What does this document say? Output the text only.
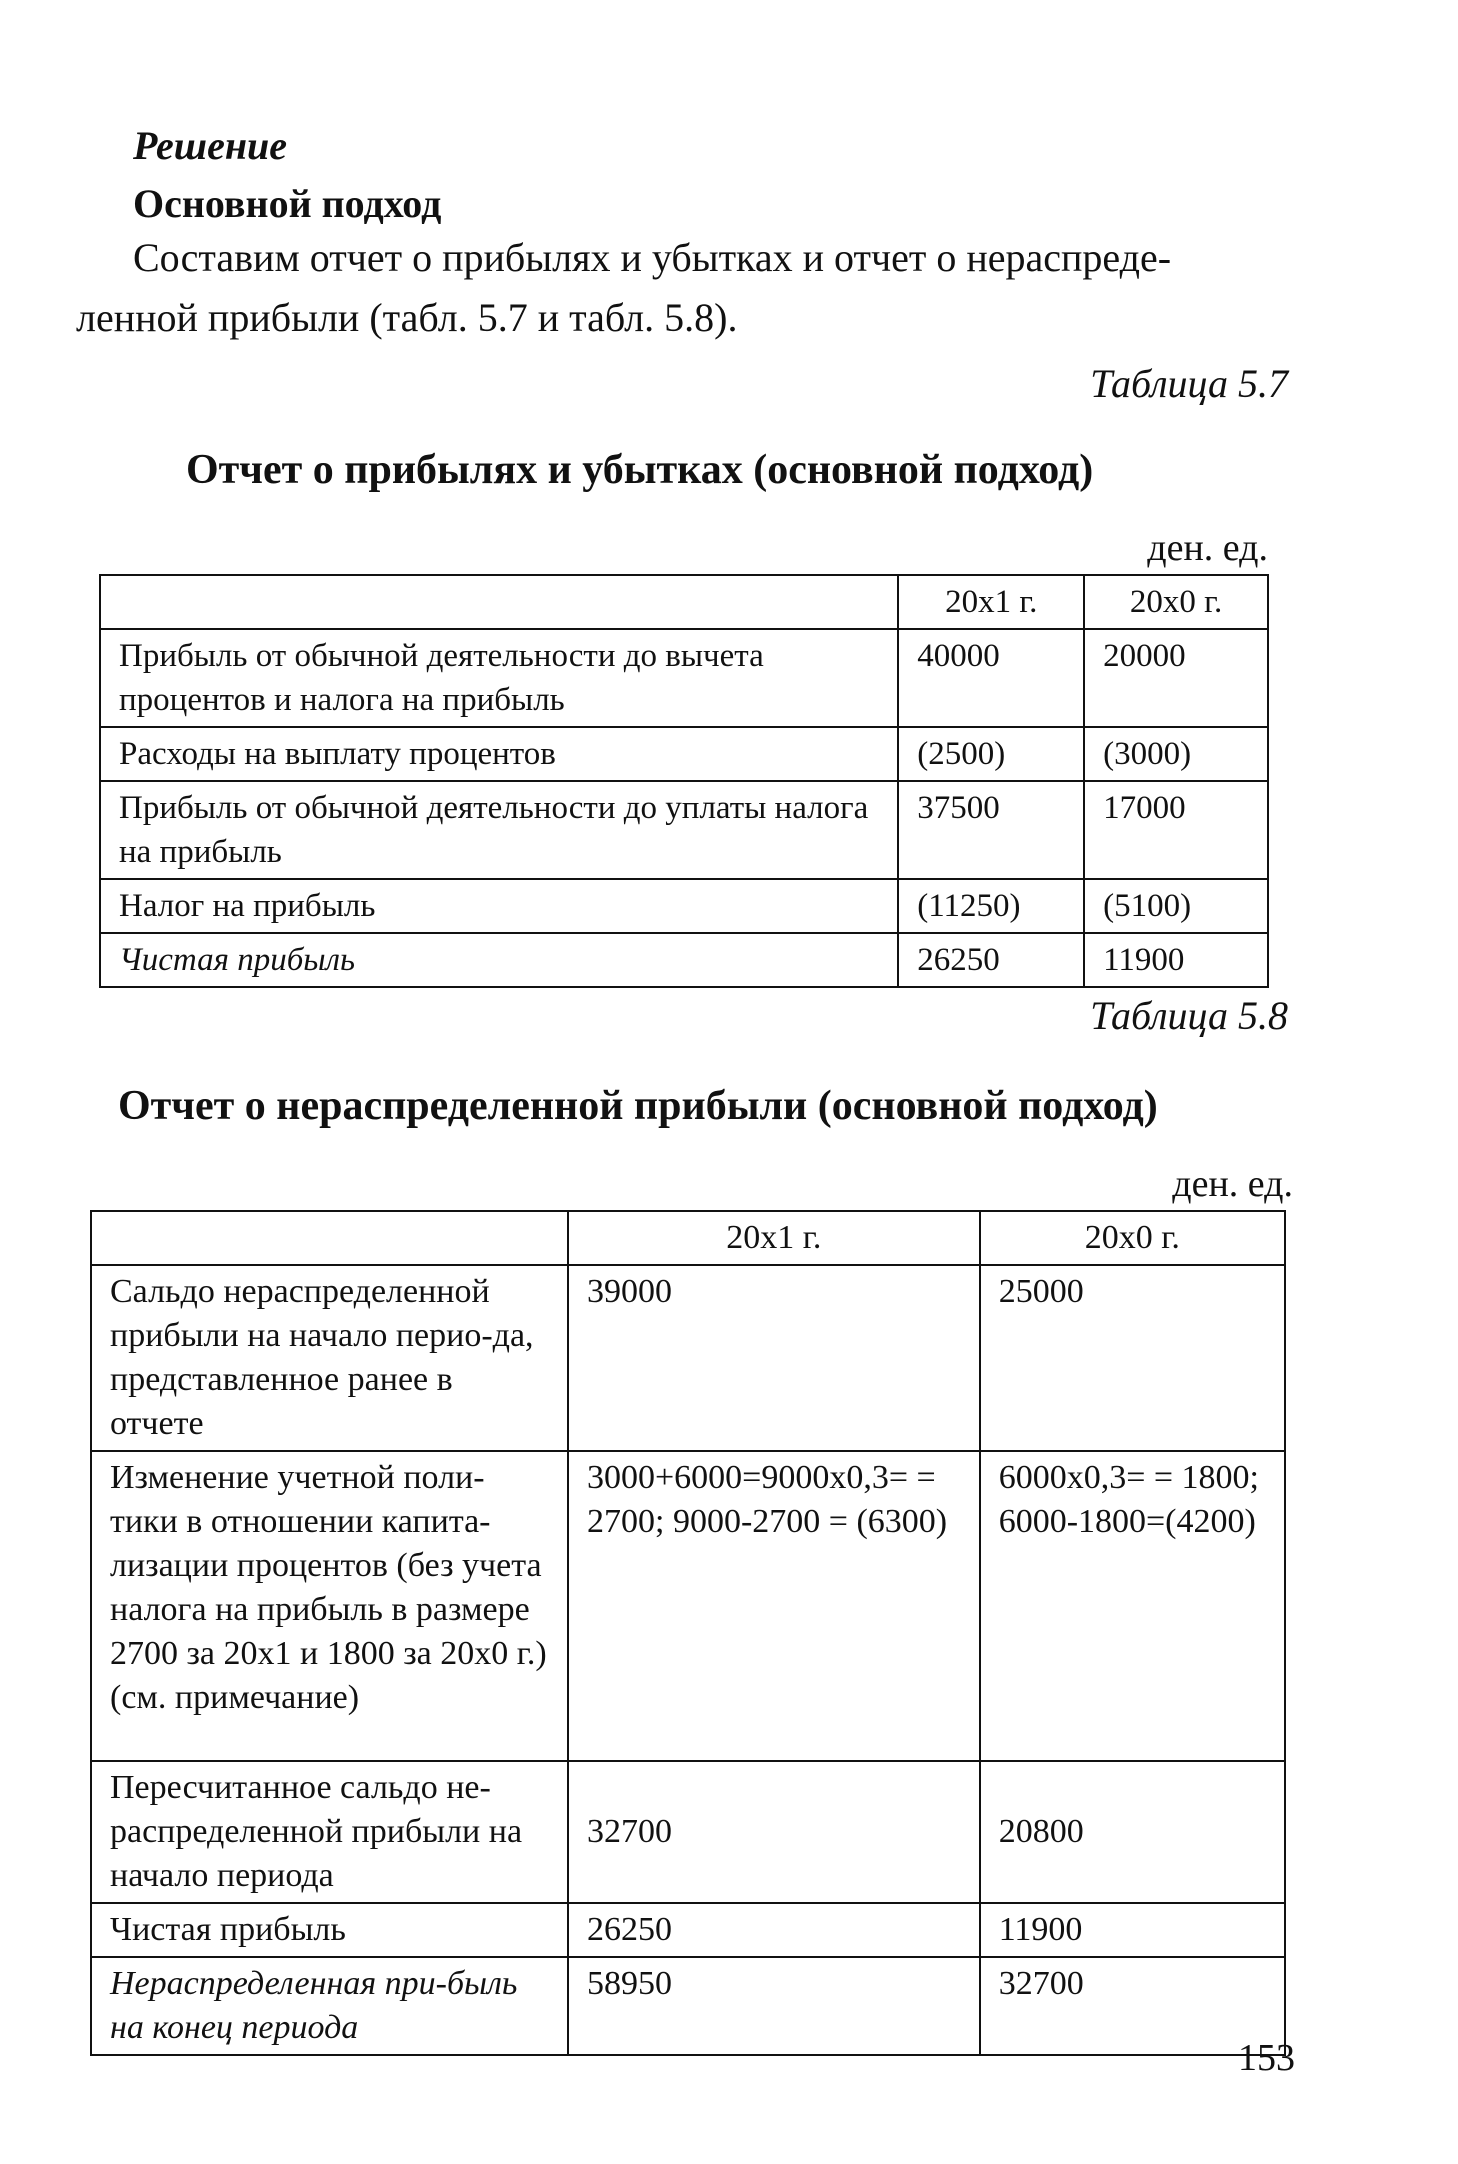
Решение
Основной подход
Составим отчет о прибылях и убытках и отчет о нераспреде-
ленной прибыли (табл. 5.7 и табл. 5.8).
Таблица 5.7
Отчет о прибылях и убытках (основной подход)
ден. ед.
	20x1 г.	20x0 г.
Прибыль от обычной деятельности до вычета процентов и налога на прибыль	40000	20000
Расходы на выплату процентов	(2500)	(3000)
Прибыль от обычной деятельности до уплаты налога на прибыль	37500	17000
Налог на прибыль	(11250)	(5100)
Чистая прибыль	26250	11900
Таблица 5.8
Отчет о нераспределенной прибыли (основной подход)
ден. ед.
	20x1 г.	20x0 г.
Сальдо нераспределенной прибыли на начало перио-да, представленное ранее в отчете	39000	25000
Изменение учетной поли-тики в отношении капита-лизации процентов (без учета налога на прибыль в размере 2700 за 20x1 и 1800 за 20x0 г.) (см. примечание)	3000+6000=9000x0,3= = 2700; 9000-2700 = (6300)	6000x0,3= = 1800; 6000-1800=(4200)
Пересчитанное сальдо не-распределенной прибыли на начало периода	32700	20800
Чистая прибыль	26250	11900
Нераспределенная при-быль на конец периода	58950	32700
153
